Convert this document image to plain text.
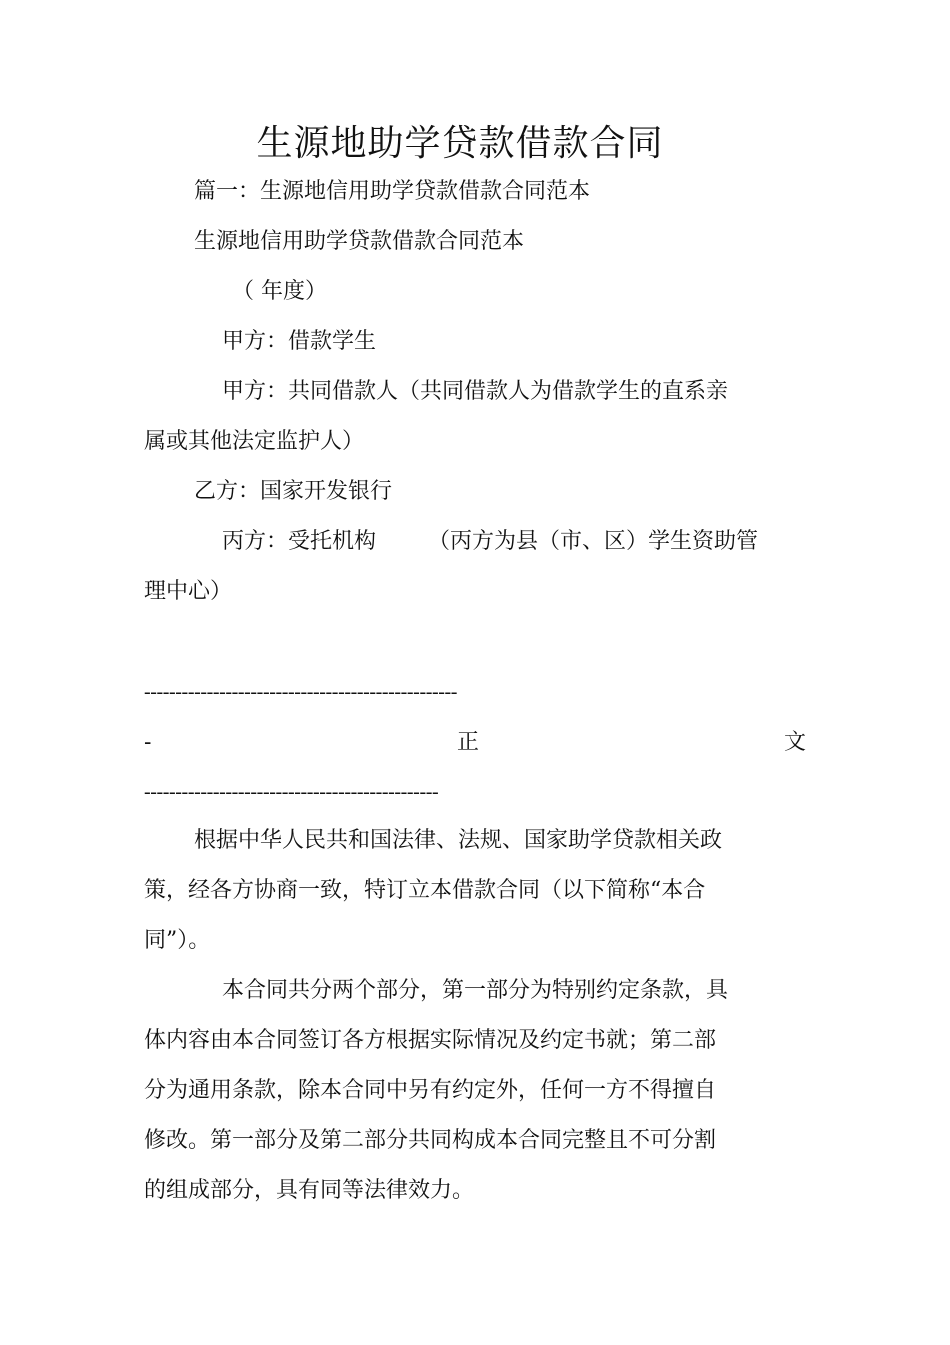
生源地助学贷款借款合同
篇一：生源地信用助学贷款借款合同范本
生源地信用助学贷款借款合同范本
（ 年度）
甲方：借款学生
甲方：共同借款人（共同借款人为借款学生的直系亲
属或其他法定监护人）
乙方：国家开发银行
丙方：受托机构 （丙方为县（市、区）学生资助管
理中心）
--------------------------------------------------
-	正	文
-----------------------------------------------
根据中华人民共和国法律、法规、国家助学贷款相关政
策，经各方协商一致，特订立本借款合同（以下简称“本合
同”）。
本合同共分两个部分，第一部分为特别约定条款，具
体内容由本合同签订各方根据实际情况及约定书就；第二部
分为通用条款，除本合同中另有约定外，任何一方不得擅自
修改。第一部分及第二部分共同构成本合同完整且不可分割
的组成部分，具有同等法律效力。
